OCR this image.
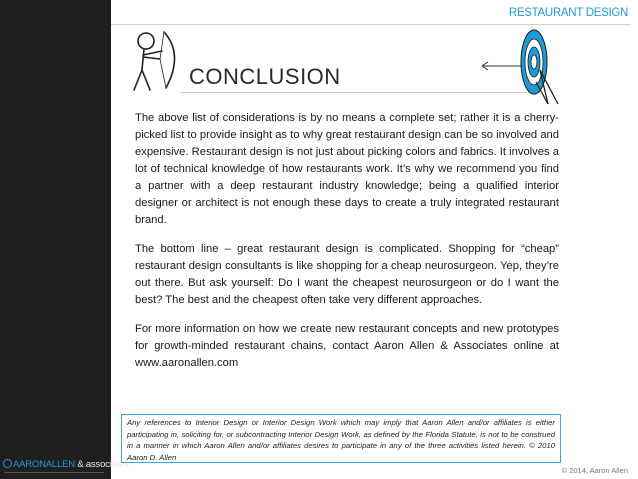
AARONALLEN & associates
RESTAURANT DESIGN
CONCLUSION

The above list of considerations is by no means a complete set; rather it is a cherry-picked list to provide insight as to why great restaurant design can be so involved and expensive. Restaurant design is not just about picking colors and fabrics. It involves a lot of technical knowledge of how restaurants work. It’s why we recommend you find a partner with a deep restaurant industry knowledge; being a qualified interior designer or architect is not enough these days to create a truly integrated restaurant brand.

The bottom line – great restaurant design is complicated. Shopping for “cheap” restaurant design consultants is like shopping for a cheap neurosurgeon. Yep, they’re out there. But ask yourself: Do I want the cheapest neurosurgeon or do I want the best? The best and the cheapest often take very different approaches.

For more information on how we create new restaurant concepts and new prototypes for growth-minded restaurant chains, contact Aaron Allen & Associates online at www.aaronallen.com

Any references to Interior Design or Interior Design Work which may imply that Aaron Allen and/or affiliates is either participating in, soliciting for, or subcontracting Interior Design Work, as defined by the Florida Statute, is not to be construed in a manner in which Aaron Allen and/or affiliates desires to participate in any of the three activities listed herein. © 2010 Aaron D. Allen
© 2014, Aaron Allen
